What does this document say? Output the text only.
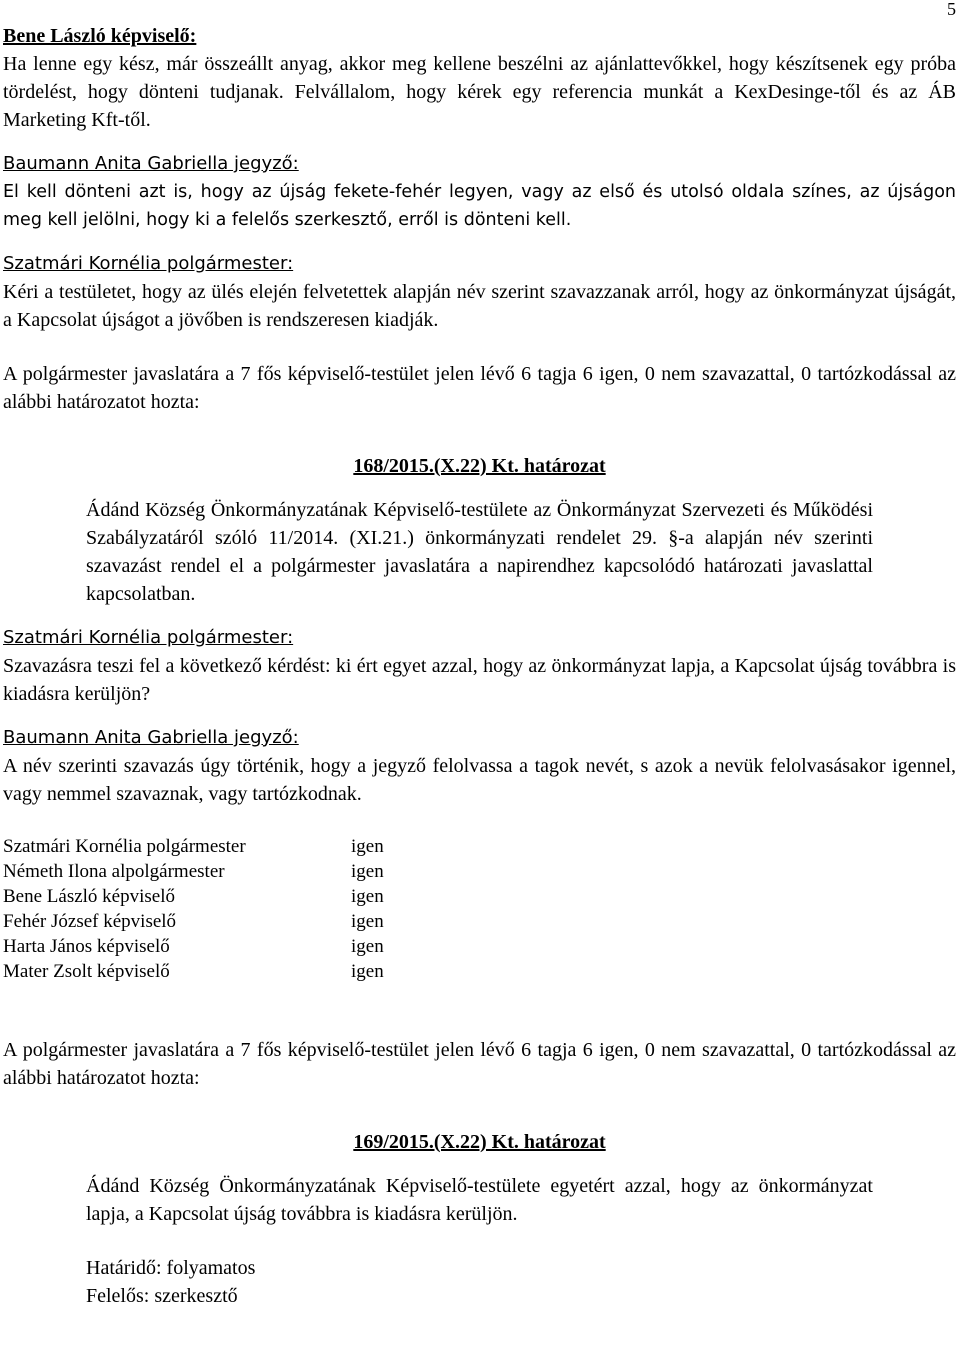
5

Bene László képviselő:

Ha lenne egy kész, már összeállt anyag, akkor meg kellene beszélni az ajánlattevőkkel, hogy készítsenek egy próba tördelést, hogy dönteni tudjanak. Felvállalom, hogy kérek egy referencia munkát a KexDesinge-től és az ÁB Marketing Kft-től.

Baumann Anita Gabriella jegyző:

El kell dönteni azt is, hogy az újság fekete-fehér legyen, vagy az első és utolsó oldala színes, az újságon meg kell jelölni, hogy ki a felelős szerkesztő, erről is dönteni kell.

Szatmári Kornélia polgármester:

Kéri a testületet, hogy az ülés elején felvetettek alapján név szerint szavazzanak arról, hogy az önkormányzat újságát, a Kapcsolat újságot a jövőben is rendszeresen kiadják.

A polgármester javaslatára a 7 fős képviselő-testület jelen lévő 6 tagja 6 igen, 0 nem szavazattal, 0 tartózkodással az alábbi határozatot hozta:

168/2015.(X.22) Kt. határozat

Ádánd Község Önkormányzatának Képviselő-testülete az Önkormányzat Szervezeti és Működési Szabályzatáról szóló 11/2014. (XI.21.) önkormányzati rendelet 29. §-a alapján név szerinti szavazást rendel el a polgármester javaslatára a napirendhez kapcsolódó határozati javaslattal kapcsolatban.

Szatmári Kornélia polgármester:

Szavazásra teszi fel a következő kérdést: ki ért egyet azzal, hogy az önkormányzat lapja, a Kapcsolat újság továbbra is kiadásra kerüljön?

Baumann Anita Gabriella jegyző:

A név szerinti szavazás úgy történik, hogy a jegyző felolvassa a tagok nevét, s azok a nevük felolvasásakor igennel, vagy nemmel szavaznak, vagy tartózkodnak.

Szatmári Kornélia polgármester	igen
Németh Ilona alpolgármester	igen
Bene László képviselő	igen
Fehér József képviselő	igen
Harta János képviselő	igen
Mater Zsolt képviselő	igen

A polgármester javaslatára a 7 fős képviselő-testület jelen lévő 6 tagja 6 igen, 0 nem szavazattal, 0 tartózkodással az alábbi határozatot hozta:

169/2015.(X.22) Kt. határozat

Ádánd Község Önkormányzatának Képviselő-testülete egyetért azzal, hogy az önkormányzat lapja, a Kapcsolat újság továbbra is kiadásra kerüljön.

Határidő: folyamatos
Felelős: szerkesztő
